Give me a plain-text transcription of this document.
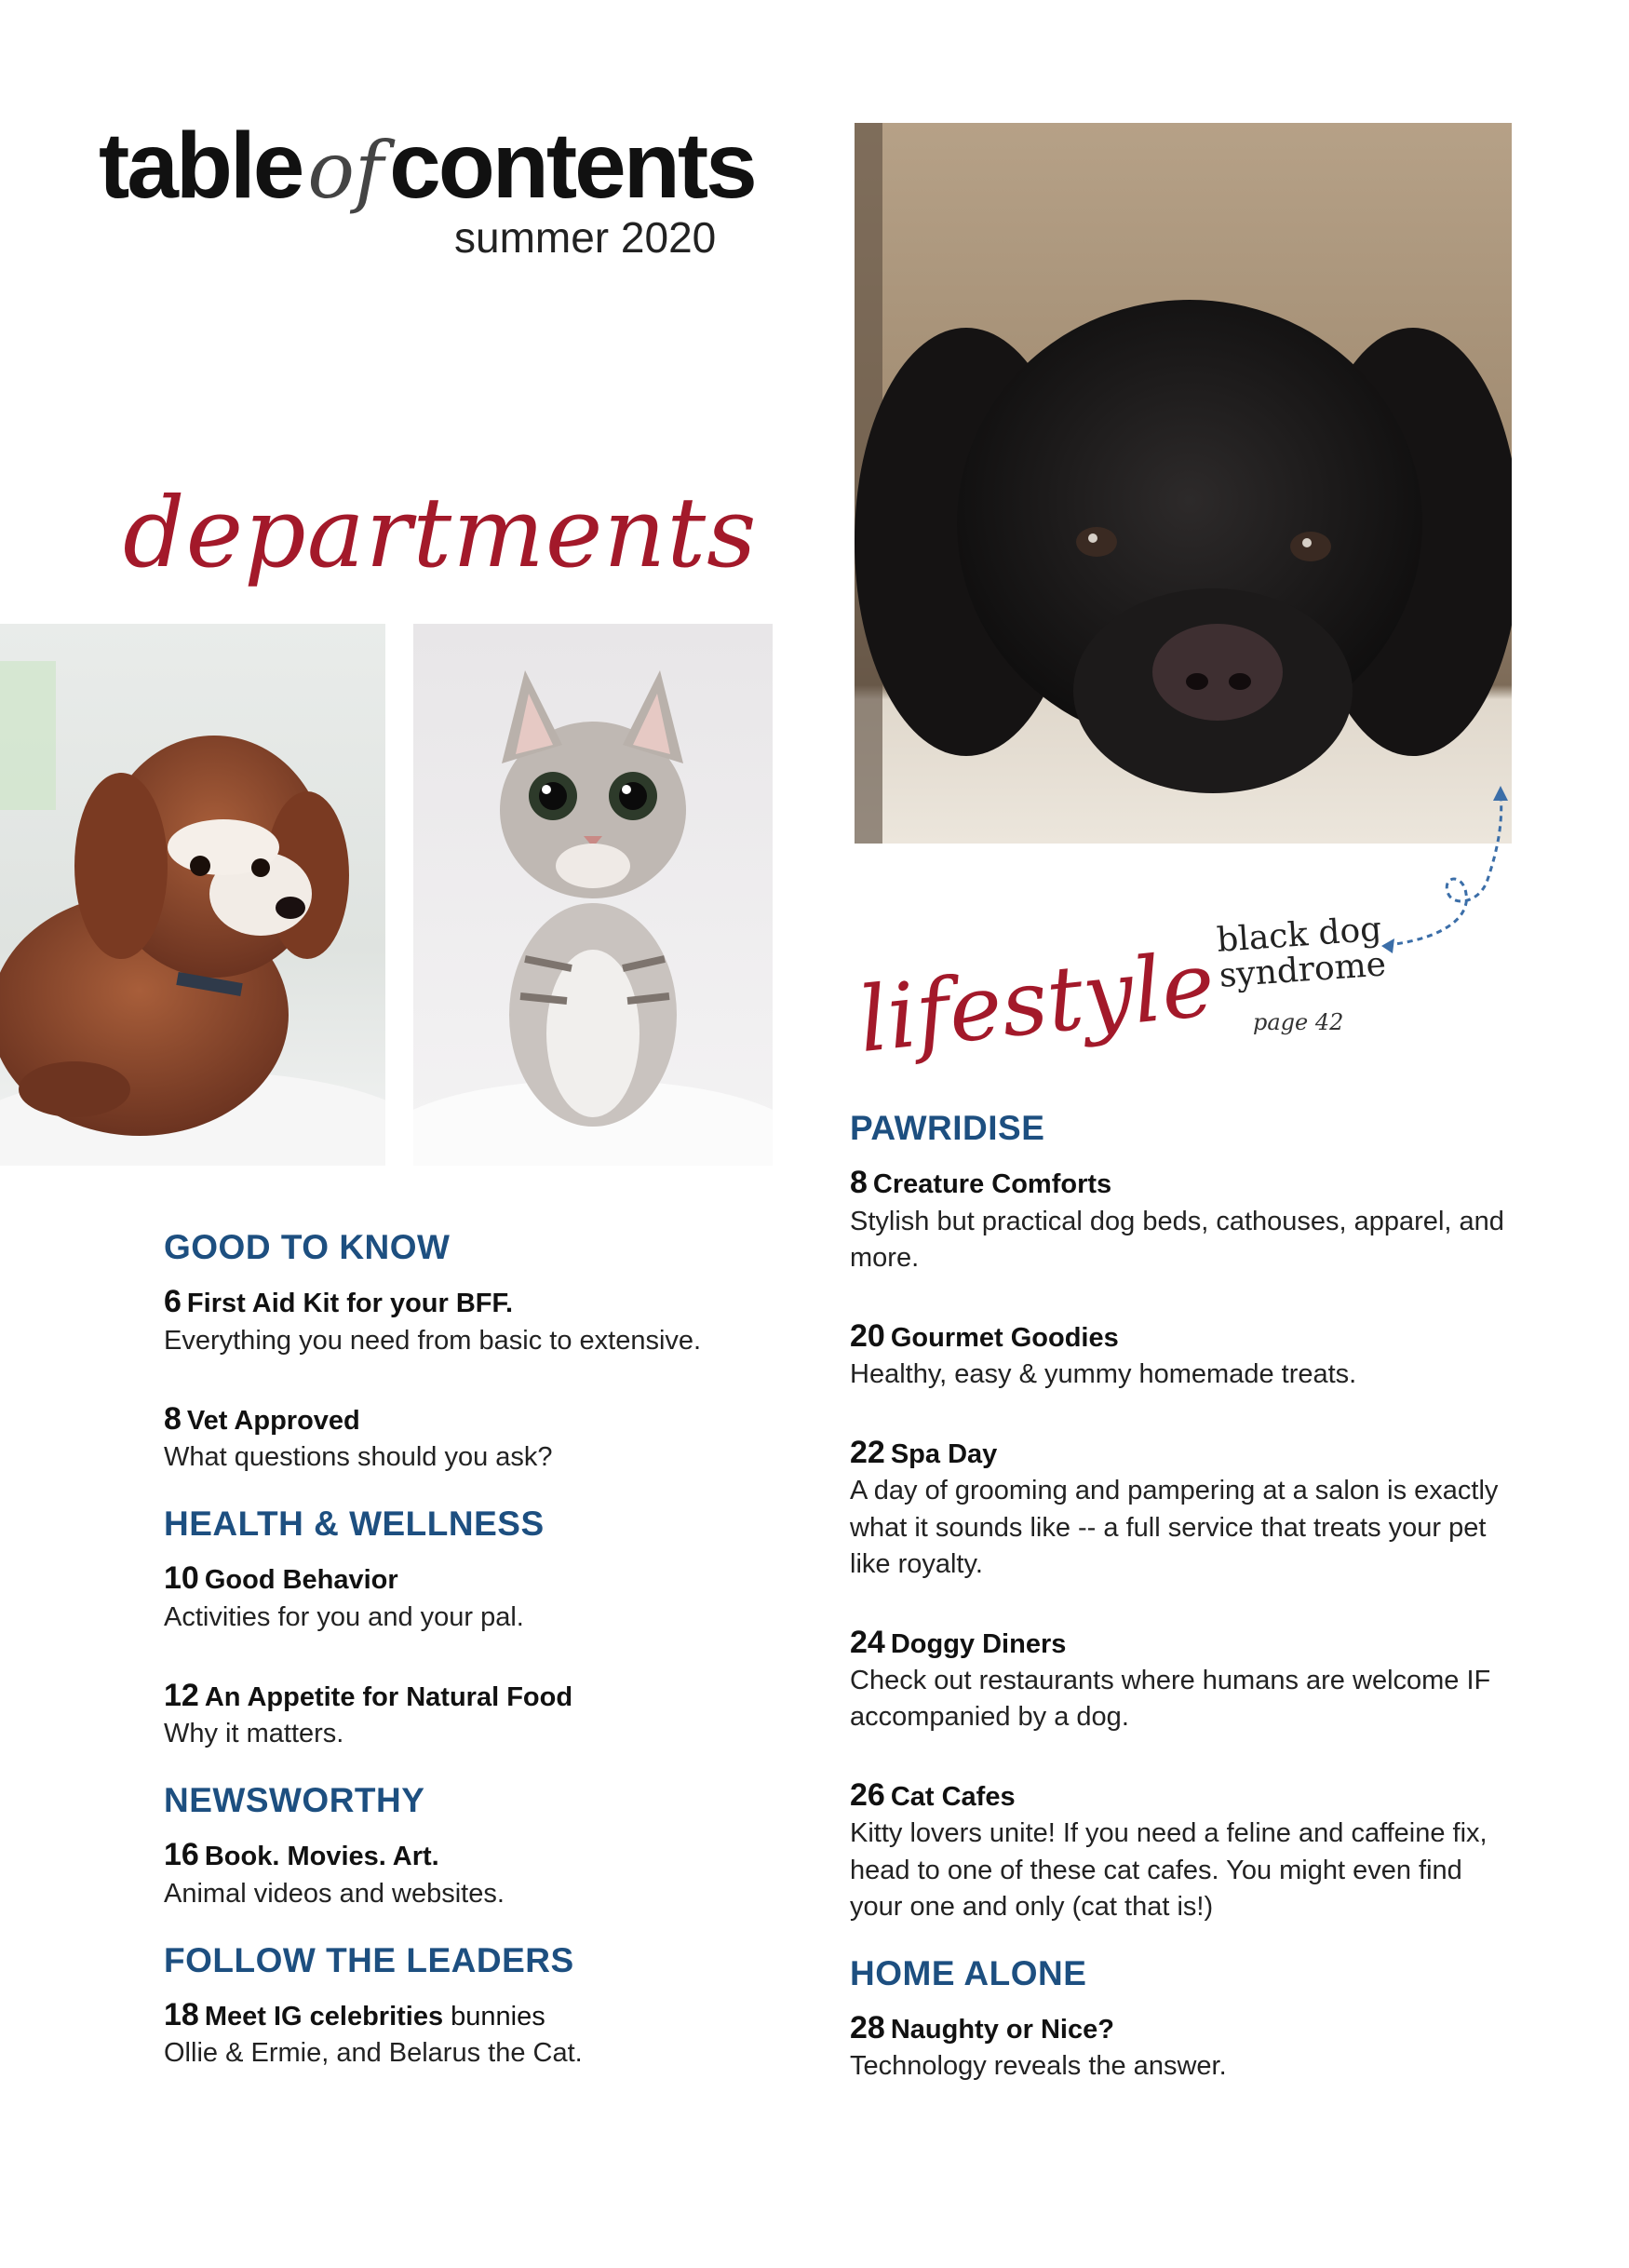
tableofcontents
summer 2020
departments
black dog
syndrome
page 42
lifestyle
GOOD TO KNOW
6 First Aid Kit for your BFF.
Everything you need from basic to extensive.
8 Vet Approved
What questions should you ask?
HEALTH & WELLNESS
10 Good Behavior
Activities for you and your pal.
12 An Appetite for Natural Food
Why it matters.
NEWSWORTHY
16 Book. Movies. Art.
Animal videos and websites.
FOLLOW THE LEADERS
18 Meet IG celebrities bunnies
Ollie & Ermie, and Belarus the Cat.
PAWRIDISE
8 Creature Comforts
Stylish but practical dog beds, cathouses, apparel, and more.
20 Gourmet Goodies
Healthy, easy & yummy homemade treats.
22 Spa Day
A day of grooming and pampering at a salon is exactly what it sounds like -- a full service that treats your pet like royalty.
24 Doggy Diners
Check out restaurants where humans are welcome IF accompanied by a dog.
26 Cat Cafes
Kitty lovers unite! If you need a feline and caffeine fix, head to one of these cat cafes. You might even find your one and only (cat that is!)
HOME ALONE
28 Naughty or Nice?
Technology reveals the answer.
